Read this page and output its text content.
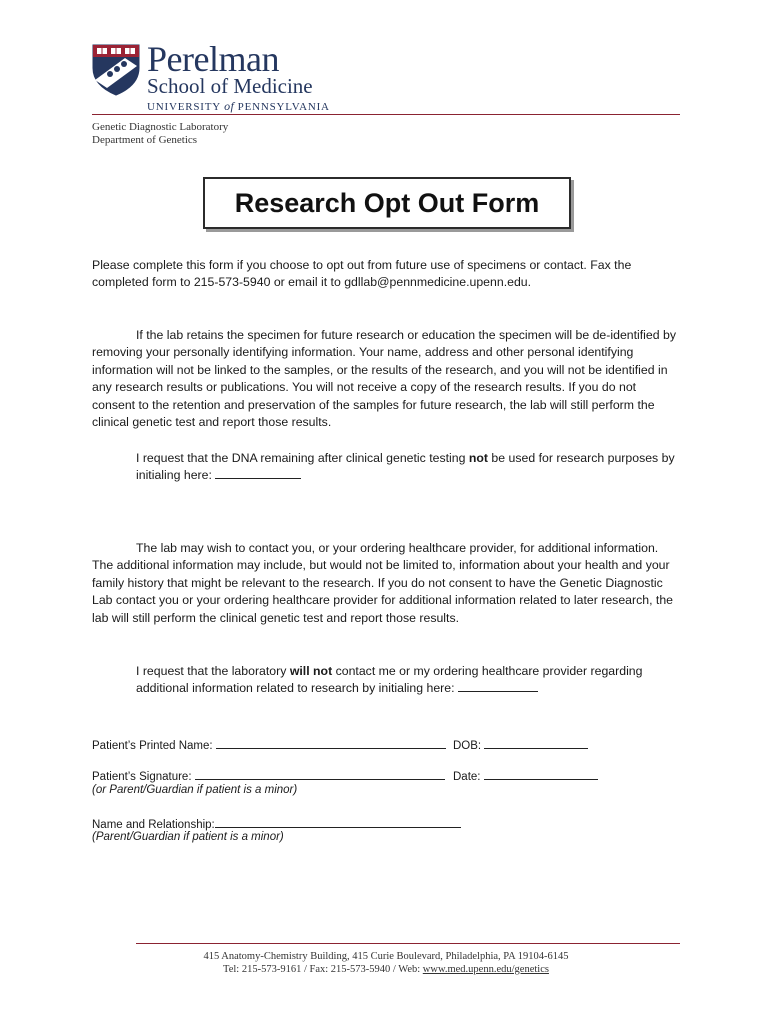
Perelman
School of Medicine
UNIVERSITY of PENNSYLVANIA
Genetic Diagnostic Laboratory
Department of Genetics
Research Opt Out Form
Please complete this form if you choose to opt out from future use of specimens or contact. Fax the completed form to 215-573-5940 or email it to gdllab@pennmedicine.upenn.edu.
If the lab retains the specimen for future research or education the specimen will be de-identified by removing your personally identifying information. Your name, address and other personal identifying information will not be linked to the samples, or the results of the research, and you will not be identified in any research results or publications. You will not receive a copy of the research results. If you do not consent to the retention and preservation of the samples for future research, the lab will still perform the clinical genetic test and report those results.
I request that the DNA remaining after clinical genetic testing not be used for research purposes by initialing here:
The lab may wish to contact you, or your ordering healthcare provider, for additional information. The additional information may include, but would not be limited to, information about your health and your family history that might be relevant to the research. If you do not consent to have the Genetic Diagnostic Lab contact you or your ordering healthcare provider for additional information related to later research, the lab will still perform the clinical genetic test and report those results.
I request that the laboratory will not contact me or my ordering healthcare provider regarding additional information related to research by initialing here:
Patient’s Printed Name:	DOB:
Patient’s Signature:	Date:
(or Parent/Guardian if patient is a minor)
Name and Relationship:
(Parent/Guardian if patient is a minor)
415 Anatomy-Chemistry Building, 415 Curie Boulevard, Philadelphia, PA 19104-6145
Tel: 215-573-9161 / Fax: 215-573-5940 / Web: www.med.upenn.edu/genetics
